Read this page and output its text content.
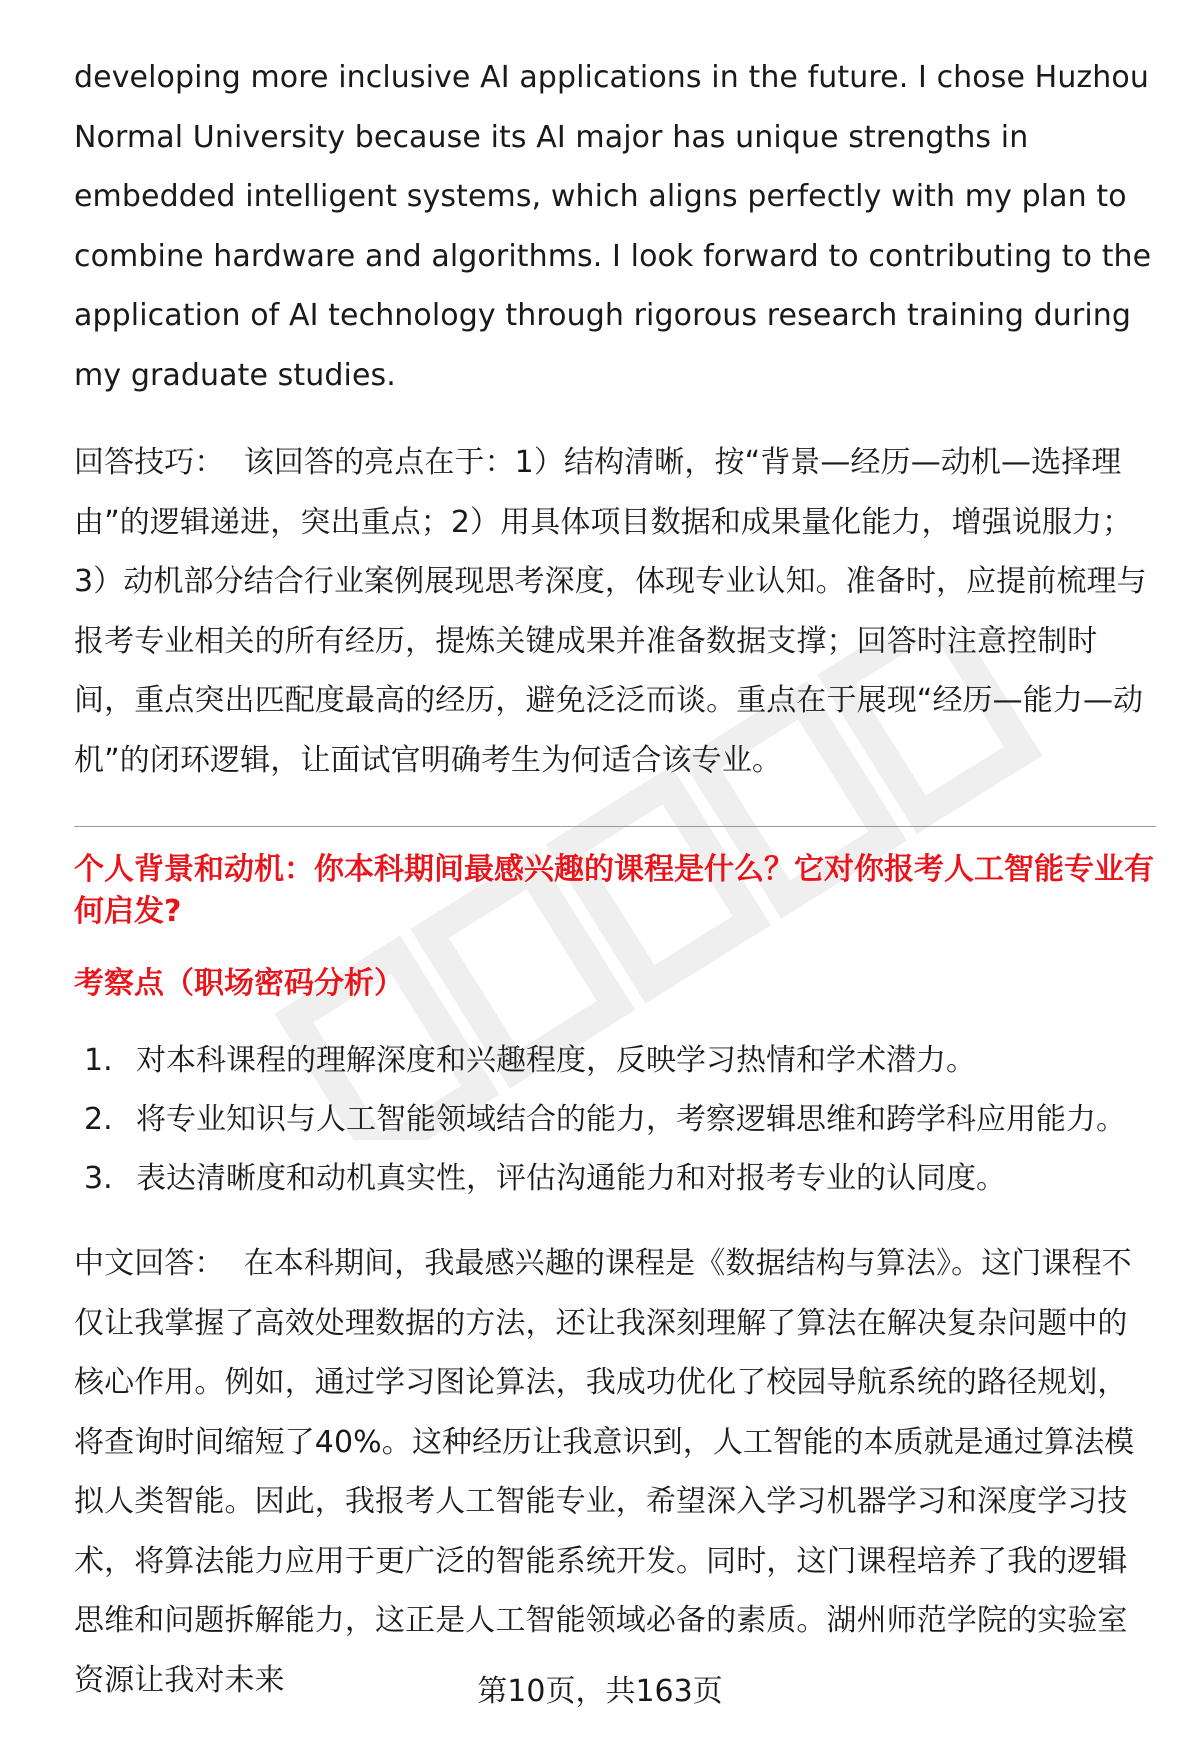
developing more inclusive AI applications in the future. I chose Huzhou Normal University because its AI major has unique strengths in embedded intelligent systems, which aligns perfectly with my plan to combine hardware and algorithms. I look forward to contributing to the application of AI technology through rigorous research training during my graduate studies.

回答技巧： 该回答的亮点在于：1）结构清晰，按“背景—经历—动机—选择理由”的逻辑递进，突出重点；2）用具体项目数据和成果量化能力，增强说服力；3）动机部分结合行业案例展现思考深度，体现专业认知。准备时，应提前梳理与报考专业相关的所有经历，提炼关键成果并准备数据支撑；回答时注意控制时间，重点突出匹配度最高的经历，避免泛泛而谈。重点在于展现“经历—能力—动机”的闭环逻辑，让面试官明确考生为何适合该专业。

个人背景和动机：你本科期间最感兴趣的课程是什么？它对你报考人工智能专业有何启发?

考察点（职场密码分析）

1. 对本科课程的理解深度和兴趣程度，反映学习热情和学术潜力。
2. 将专业知识与人工智能领域结合的能力，考察逻辑思维和跨学科应用能力。
3. 表达清晰度和动机真实性，评估沟通能力和对报考专业的认同度。

中文回答： 在本科期间，我最感兴趣的课程是《数据结构与算法》。这门课程不仅让我掌握了高效处理数据的方法，还让我深刻理解了算法在解决复杂问题中的核心作用。例如，通过学习图论算法，我成功优化了校园导航系统的路径规划，将查询时间缩短了40%。这种经历让我意识到，人工智能的本质就是通过算法模拟人类智能。因此，我报考人工智能专业，希望深入学习机器学习和深度学习技术，将算法能力应用于更广泛的智能系统开发。同时，这门课程培养了我的逻辑思维和问题拆解能力，这正是人工智能领域必备的素质。湖州师范学院的实验室资源让我对未来	第10页，共163页
